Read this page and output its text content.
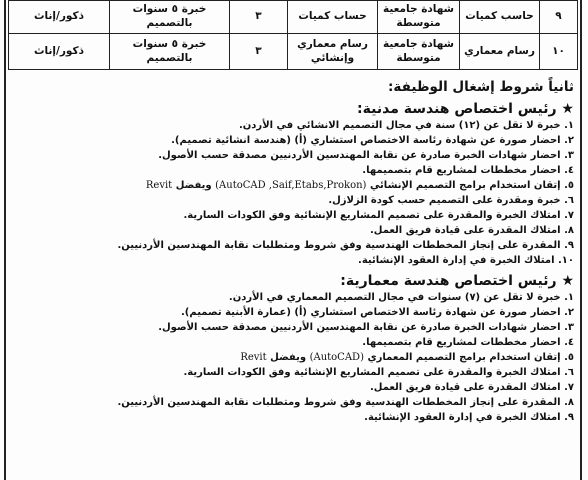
٩	حاسب كميات	شهادة جامعية متوسطة	حساب كميات	٣	خبرة ٥ سنوات بالتصميم	ذكور/إناث
١٠	رسام معماري	شهادة جامعية متوسطة	رسام معماري وإنشائي	٣	خبرة ٥ سنوات بالتصميم	ذكور/إناث
ثانياً شروط إشغال الوظيفة:
★ رئيس اختصاص هندسة مدنية:
١. خبرة لا تقل عن (١٢) سنة في مجال التصميم الانشائي في الأردن.
٢. احضار صورة عن شهادة رئاسة الاختصاص استشاري (أ) (هندسة انشائية تصميم).
٣. احضار شهادات الخبرة صادرة عن نقابة المهندسين الأردنيين مصدقة حسب الأصول.
٤. احضار مخططات لمشاريع قام بتصميمها.
٥. إتقان استخدام برامج التصميم الإنشائي (AutoCAD ,Saif,Etabs,Prokon) ويفضل Revit
٦. خبرة ومقدرة على التصميم حسب كودة الزلازل.
٧. امتلاك الخبرة والمقدرة على تصميم المشاريع الإنشائية وفق الكودات السارية.
٨. امتلاك المقدرة على قيادة فريق العمل.
٩. المقدرة على إنجاز المخططات الهندسية وفق شروط ومتطلبات نقابة المهندسين الأردنيين.
١٠. امتلاك الخبرة في إدارة العقود الإنشائية.
★ رئيس اختصاص هندسة معمارية:
١. خبرة لا تقل عن (٧) سنوات في مجال التصميم المعماري في الأردن.
٢. احضار صورة عن شهادة رئاسة الاختصاص استشاري (أ) (عمارة الأبنية تصميم).
٣. احضار شهادات الخبرة صادرة عن نقابة المهندسين الأردنيين مصدقة حسب الأصول.
٤. احضار مخططات لمشاريع قام بتصميمها.
٥. إتقان استخدام برامج التصميم المعماري (AutoCAD) ويفضل Revit
٦. امتلاك الخبرة والمقدرة على تصميم المشاريع الإنشائية وفق الكودات السارية.
٧. امتلاك المقدرة على قيادة فريق العمل.
٨. المقدرة على إنجاز المخططات الهندسية وفق شروط ومتطلبات نقابة المهندسين الأردنيين.
٩. امتلاك الخبرة في إدارة العقود الإنشائية.
